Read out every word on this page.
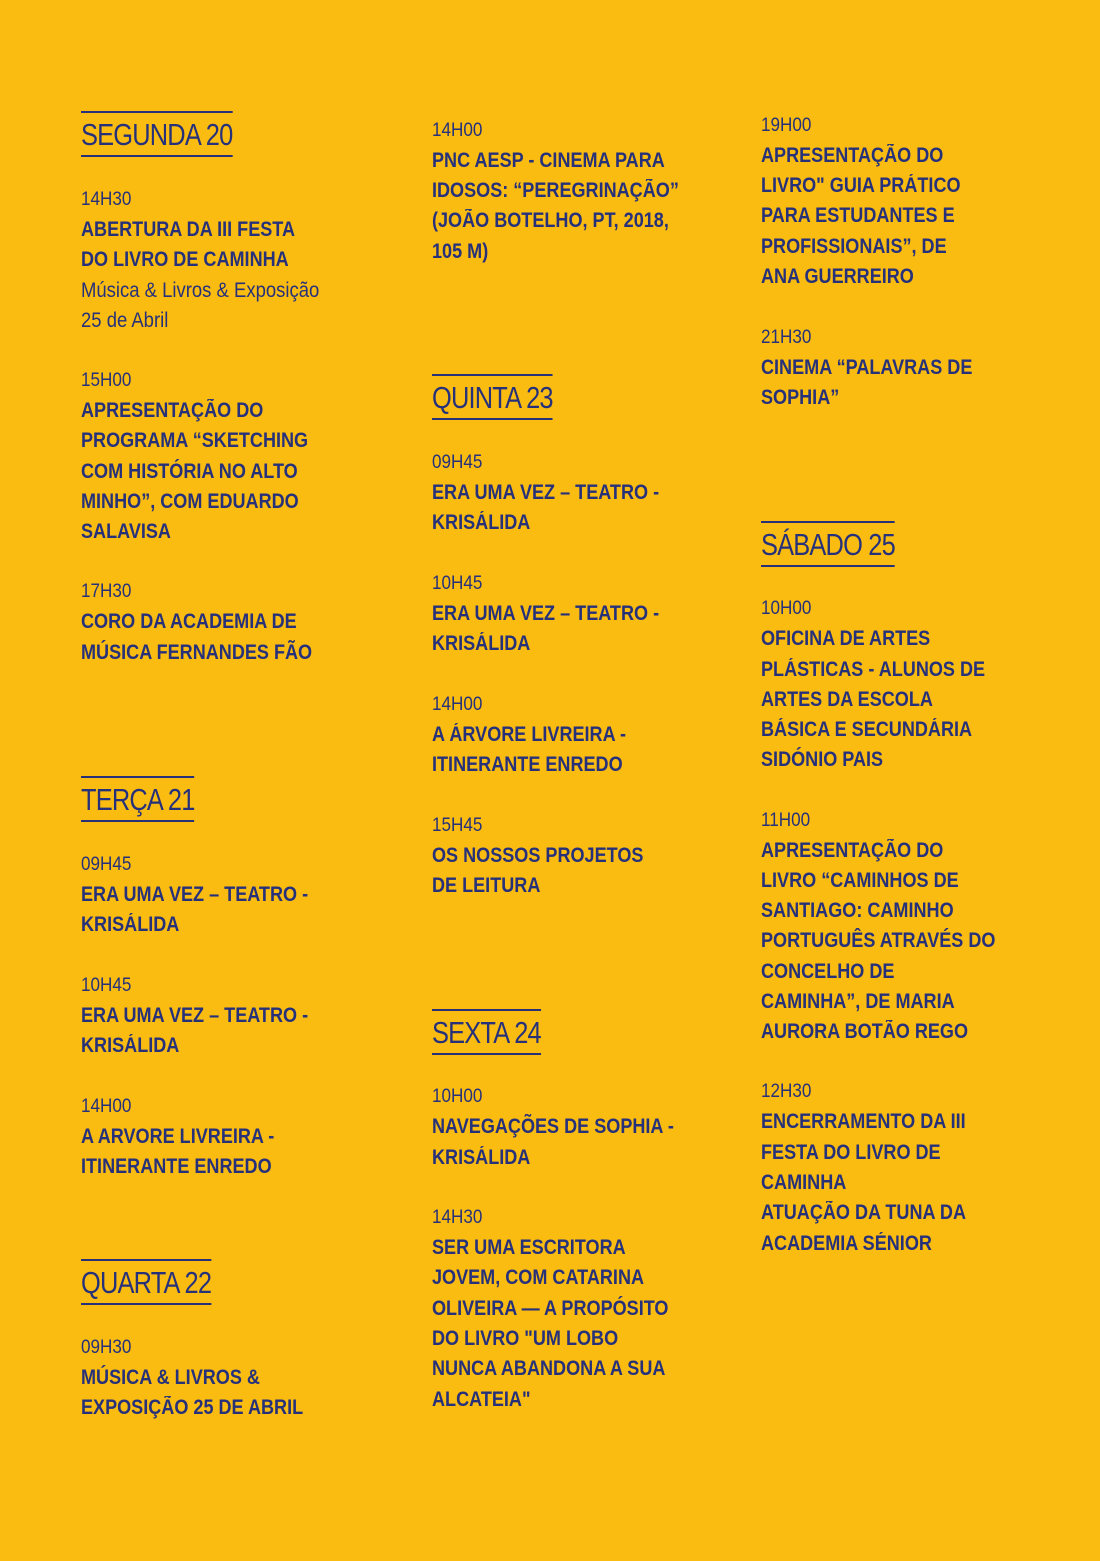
SEGUNDA 20
14H30
ABERTURA DA III FESTA
DO LIVRO DE CAMINHA
Música & Livros & Exposição
25 de Abril
15H00
APRESENTAÇÃO DO
PROGRAMA “SKETCHING
COM HISTÓRIA NO ALTO
MINHO”, COM EDUARDO
SALAVISA
17H30
CORO DA ACADEMIA DE
MÚSICA FERNANDES FÃO
TERÇA 21
09H45
ERA UMA VEZ – TEATRO -
KRISÁLIDA
10H45
ERA UMA VEZ – TEATRO -
KRISÁLIDA
14H00
A ARVORE LIVREIRA -
ITINERANTE ENREDO
QUARTA 22
09H30
MÚSICA & LIVROS &
EXPOSIÇÃO 25 DE ABRIL
14H00
PNC AESP - CINEMA PARA
IDOSOS: “PEREGRINAÇÃO”
(JOÃO BOTELHO, PT, 2018,
105 M)
QUINTA 23
09H45
ERA UMA VEZ – TEATRO -
KRISÁLIDA
10H45
ERA UMA VEZ – TEATRO -
KRISÁLIDA
14H00
A ÁRVORE LIVREIRA -
ITINERANTE ENREDO
15H45
OS NOSSOS PROJETOS
DE LEITURA
SEXTA 24
10H00
NAVEGAÇÕES DE SOPHIA -
KRISÁLIDA
14H30
SER UMA ESCRITORA
JOVEM, COM CATARINA
OLIVEIRA — A PROPÓSITO
DO LIVRO "UM LOBO
NUNCA ABANDONA A SUA
ALCATEIA"
19H00
APRESENTAÇÃO DO
LIVRO" GUIA PRÁTICO
PARA ESTUDANTES E
PROFISSIONAIS”, DE
ANA GUERREIRO
21H30
CINEMA “PALAVRAS DE
SOPHIA”
SÁBADO 25
10H00
OFICINA DE ARTES
PLÁSTICAS - ALUNOS DE
ARTES DA ESCOLA
BÁSICA E SECUNDÁRIA
SIDÓNIO PAIS
11H00
APRESENTAÇÃO DO
LIVRO “CAMINHOS DE
SANTIAGO: CAMINHO
PORTUGUÊS ATRAVÉS DO
CONCELHO DE
CAMINHA”, DE MARIA
AURORA BOTÃO REGO
12H30
ENCERRAMENTO DA III
FESTA DO LIVRO DE
CAMINHA
ATUAÇÃO DA TUNA DA
ACADEMIA SÉNIOR
